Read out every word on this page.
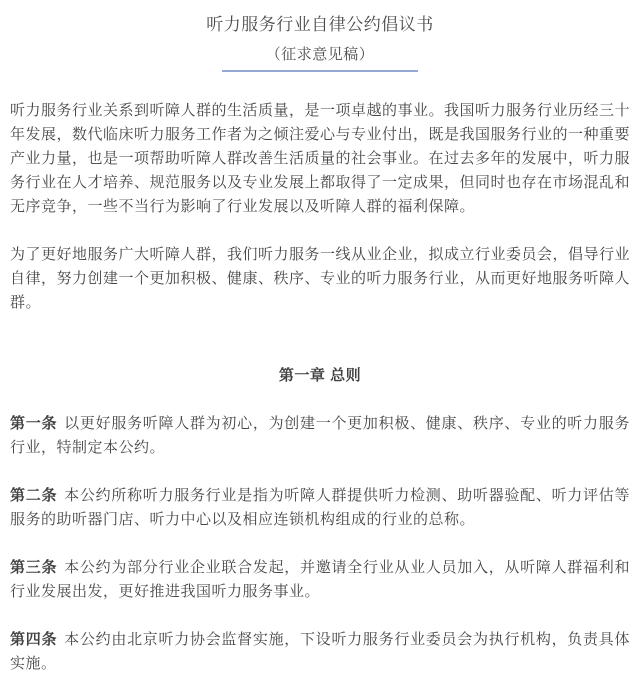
听力服务行业自律公约倡议书

（征求意见稿）

听力服务行业关系到听障人群的生活质量，是一项卓越的事业。我国听力服务行业历经三十年发展，数代临床听力服务工作者为之倾注爱心与专业付出，既是我国服务行业的一种重要产业力量，也是一项帮助听障人群改善生活质量的社会事业。在过去多年的发展中，听力服务行业在人才培养、规范服务以及专业发展上都取得了一定成果，但同时也存在市场混乱和无序竞争，一些不当行为影响了行业发展以及听障人群的福利保障。

为了更好地服务广大听障人群，我们听力服务一线从业企业，拟成立行业委员会，倡导行业自律，努力创建一个更加积极、健康、秩序、专业的听力服务行业，从而更好地服务听障人群。

第一章 总则

第一条 以更好服务听障人群为初心，为创建一个更加积极、健康、秩序、专业的听力服务行业，特制定本公约。

第二条 本公约所称听力服务行业是指为听障人群提供听力检测、助听器验配、听力评估等服务的助听器门店、听力中心以及相应连锁机构组成的行业的总称。

第三条 本公约为部分行业企业联合发起，并邀请全行业从业人员加入，从听障人群福利和行业发展出发，更好推进我国听力服务事业。

第四条 本公约由北京听力协会监督实施，下设听力服务行业委员会为执行机构，负责具体实施。
